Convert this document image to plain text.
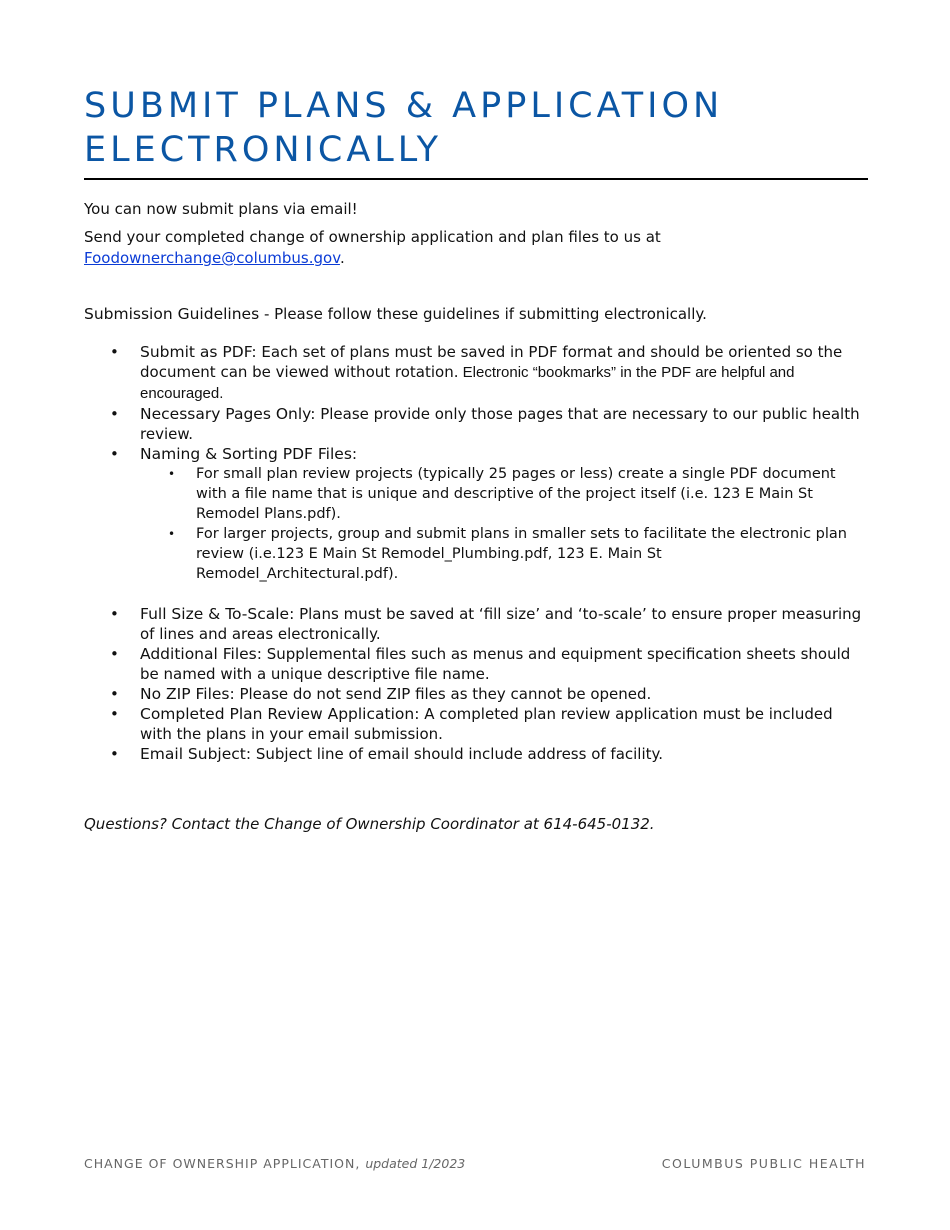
SUBMIT PLANS & APPLICATION
ELECTRONICALLY
You can now submit plans via email!
Send your completed change of ownership application and plan files to us at
Foodownerchange@columbus.gov.
Submission Guidelines - Please follow these guidelines if submitting electronically.
• Submit as PDF: Each set of plans must be saved in PDF format and should be oriented so the document can be viewed without rotation. Electronic “bookmarks” in the PDF are helpful and encouraged.
• Necessary Pages Only: Please provide only those pages that are necessary to our public health review.
• Naming & Sorting PDF Files:
• For small plan review projects (typically 25 pages or less) create a single PDF document with a file name that is unique and descriptive of the project itself (i.e. 123 E Main St Remodel Plans.pdf).
• For larger projects, group and submit plans in smaller sets to facilitate the electronic plan review (i.e.123 E Main St Remodel_Plumbing.pdf, 123 E. Main St Remodel_Architectural.pdf).
• Full Size & To-Scale: Plans must be saved at ‘fill size’ and ‘to-scale’ to ensure proper measuring of lines and areas electronically.
• Additional Files: Supplemental files such as menus and equipment specification sheets should be named with a unique descriptive file name.
• No ZIP Files: Please do not send ZIP files as they cannot be opened.
• Completed Plan Review Application: A completed plan review application must be included with the plans in your email submission.
• Email Subject: Subject line of email should include address of facility.
Questions? Contact the Change of Ownership Coordinator at 614-645-0132.
CHANGE OF OWNERSHIP APPLICATION, updated 1/2023	COLUMBUS PUBLIC HEALTH
